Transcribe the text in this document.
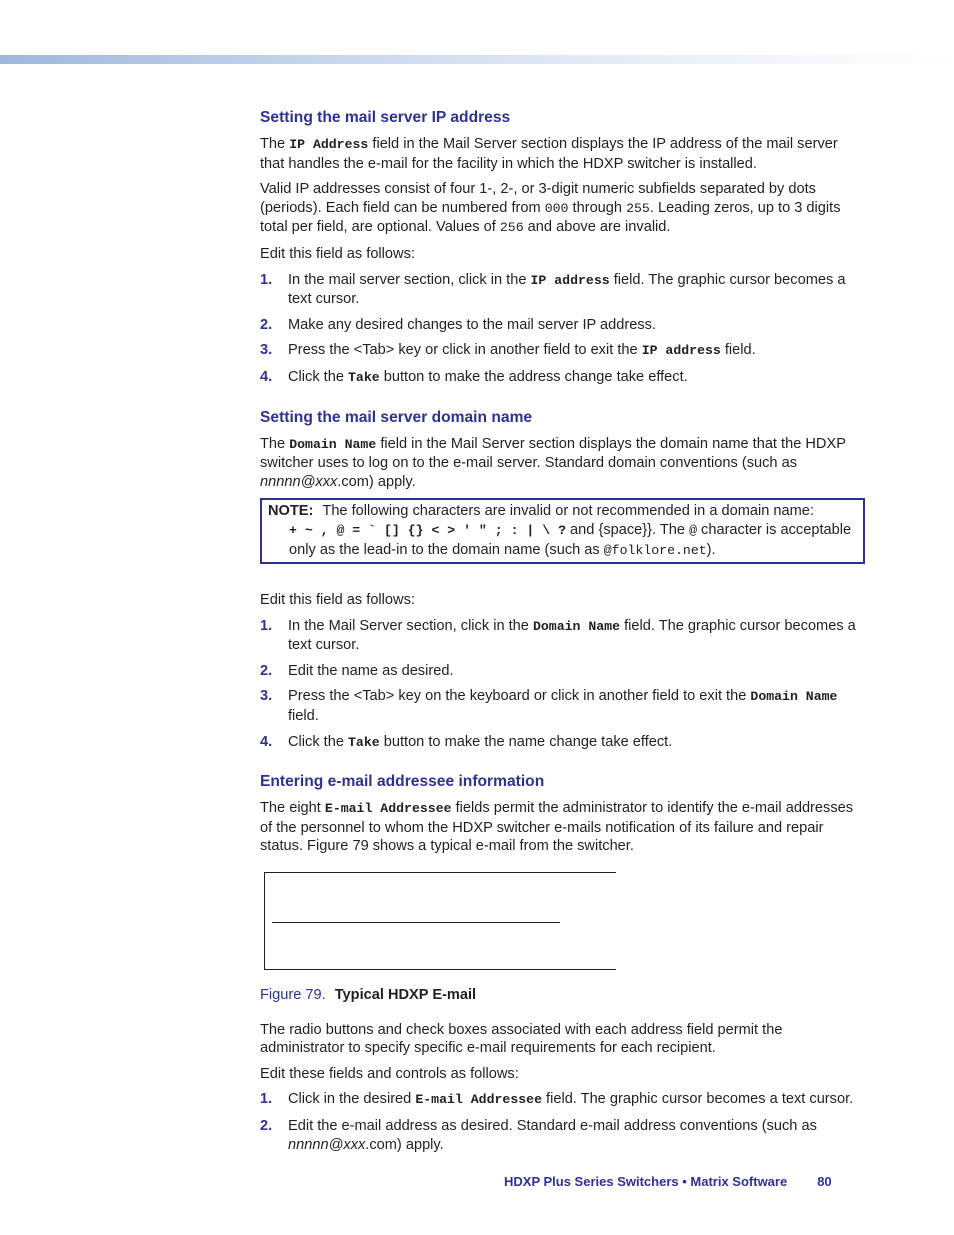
Setting the mail server IP address

The IP Address field in the Mail Server section displays the IP address of the mail server that handles the e-mail for the facility in which the HDXP switcher is installed.

Valid IP addresses consist of four 1-, 2-, or 3-digit numeric subfields separated by dots (periods). Each field can be numbered from 000 through 255. Leading zeros, up to 3 digits total per field, are optional. Values of 256 and above are invalid.

Edit this field as follows:

1. In the mail server section, click in the IP address field. The graphic cursor becomes a text cursor.
2. Make any desired changes to the mail server IP address.
3. Press the <Tab> key or click in another field to exit the IP address field.
4. Click the Take button to make the address change take effect.
Setting the mail server domain name

The Domain Name field in the Mail Server section displays the domain name that the HDXP switcher uses to log on to the e-mail server. Standard domain conventions (such as nnnnn@xxx.com) apply.

NOTE: The following characters are invalid or not recommended in a domain name:
+ ~ , @ = ` [] {} < > ' " ; : | \ ? and {space}}. The @ character is acceptable only as the lead-in to the domain name (such as @folklore.net).

Edit this field as follows:

1. In the Mail Server section, click in the Domain Name field. The graphic cursor becomes a text cursor.
2. Edit the name as desired.
3. Press the <Tab> key on the keyboard or click in another field to exit the Domain Name field.
4. Click the Take button to make the name change take effect.
Entering e-mail addressee information

The eight E-mail Addressee fields permit the administrator to identify the e-mail addresses of the personnel to whom the HDXP switcher e-mails notification of its failure and repair status. Figure 79 shows a typical e-mail from the switcher.

Figure 79. Typical HDXP E-mail

The radio buttons and check boxes associated with each address field permit the administrator to specify specific e-mail requirements for each recipient.

Edit these fields and controls as follows:

1. Click in the desired E-mail Addressee field. The graphic cursor becomes a text cursor.
2. Edit the e-mail address as desired. Standard e-mail address conventions (such as nnnnn@xxx.com) apply.
HDXP Plus Series Switchers • Matrix Software 80
